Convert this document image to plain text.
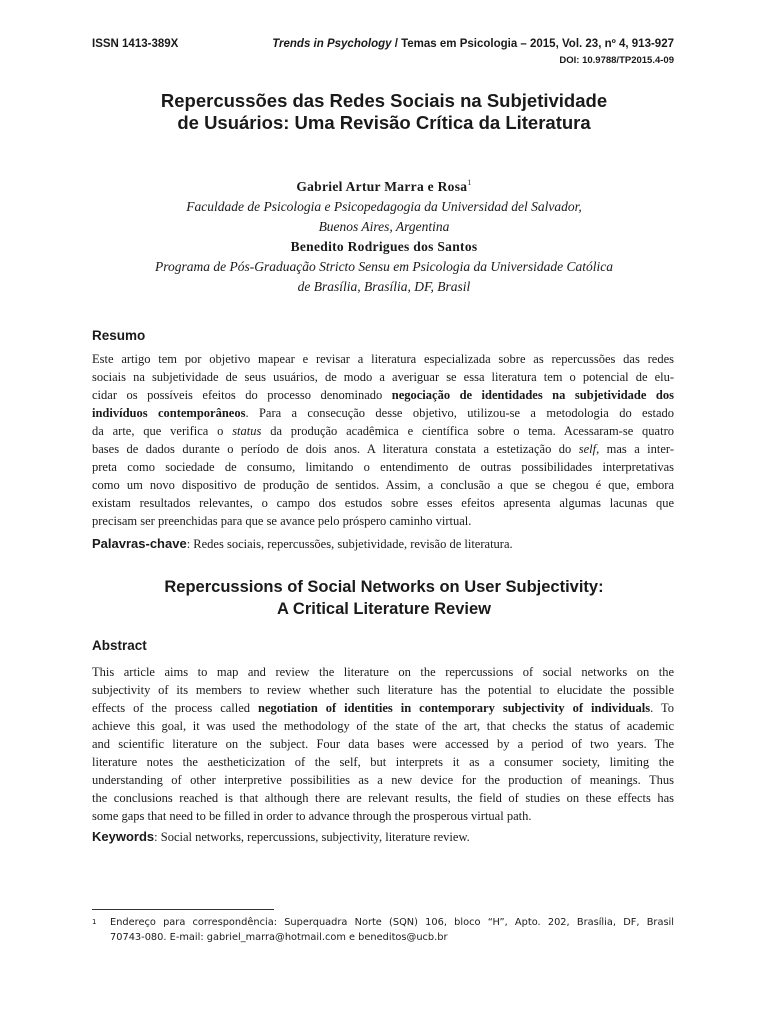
ISSN 1413-389X	Trends in Psychology / Temas em Psicologia – 2015, Vol. 23, nº 4, 913-927
DOI: 10.9788/TP2015.4-09
Repercussões das Redes Sociais na Subjetividade
de Usuários: Uma Revisão Crítica da Literatura
Gabriel Artur Marra e Rosa$^1$
Faculdade de Psicologia e Psicopedagogia da Universidad del Salvador,
Buenos Aires, Argentina
Benedito Rodrigues dos Santos
Programa de Pós-Graduação Stricto Sensu em Psicologia da Universidade Católica
de Brasília, Brasília, DF, Brasil
Resumo
Este artigo tem por objetivo mapear e revisar a literatura especializada sobre as repercussões das redes
sociais na subjetividade de seus usuários, de modo a averiguar se essa literatura tem o potencial de elu-
cidar os possíveis efeitos do processo denominado negociação de identidades na subjetividade dos
indivíduos contemporâneos. Para a consecução desse objetivo, utilizou-se a metodologia do estado
da arte, que verifica o status da produção acadêmica e científica sobre o tema. Acessaram-se quatro
bases de dados durante o período de dois anos. A literatura constata a estetização do self, mas a inter-
preta como sociedade de consumo, limitando o entendimento de outras possibilidades interpretativas
como um novo dispositivo de produção de sentidos. Assim, a conclusão a que se chegou é que, embora
existam resultados relevantes, o campo dos estudos sobre esses efeitos apresenta algumas lacunas que
precisam ser preenchidas para que se avance pelo próspero caminho virtual.
Palavras-chave: Redes sociais, repercussões, subjetividade, revisão de literatura.
Repercussions of Social Networks on User Subjectivity:
A Critical Literature Review
Abstract
This article aims to map and review the literature on the repercussions of social networks on the
subjectivity of its members to review whether such literature has the potential to elucidate the possible
effects of the process called negotiation of identities in contemporary subjectivity of individuals. To
achieve this goal, it was used the methodology of the state of the art, that checks the status of academic
and scientific literature on the subject. Four data bases were accessed by a period of two years. The
literature notes the aestheticization of the self, but interprets it as a consumer society, limiting the
understanding of other interpretive possibilities as a new device for the production of meanings. Thus
the conclusions reached is that although there are relevant results, the field of studies on these effects has
some gaps that need to be filled in order to advance through the prosperous virtual path.
Keywords: Social networks, repercussions, subjectivity, literature review.
1 Endereço para correspondência: Superquadra Norte (SQN) 106, bloco “H”, Apto. 202, Brasília, DF, Brasil
70743-080. E-mail: gabriel_marra@hotmail.com e beneditos@ucb.br
